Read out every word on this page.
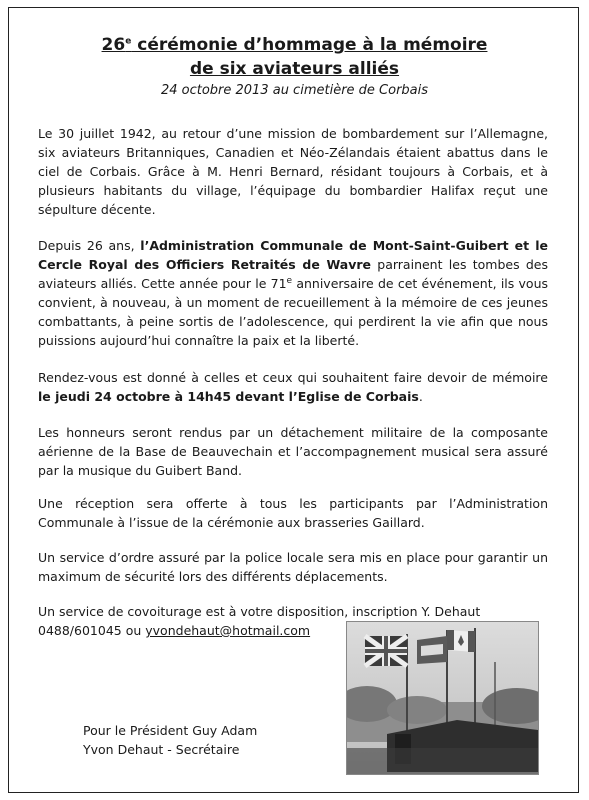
26e cérémonie d’hommage à la mémoire
de six aviateurs alliés
24 octobre 2013 au cimetière de Corbais

Le 30 juillet 1942, au retour d’une mission de bombardement sur l’Allemagne, six aviateurs Britanniques, Canadien et Néo-Zélandais étaient abattus dans le ciel de Corbais. Grâce à M. Henri Bernard, résidant toujours à Corbais, et à plusieurs habitants du village, l’équipage du bombardier Halifax reçut une sépulture décente.

Depuis 26 ans, l’Administration Communale de Mont-Saint-Guibert et le Cercle Royal des Officiers Retraités de Wavre parrainent les tombes des aviateurs alliés. Cette année pour le 71e anniversaire de cet événement, ils vous convient, à nouveau, à un moment de recueillement à la mémoire de ces jeunes combattants, à peine sortis de l’adolescence, qui perdirent la vie afin que nous puissions aujourd’hui connaître la paix et la liberté.

Rendez-vous est donné à celles et ceux qui souhaitent faire devoir de mémoire le jeudi 24 octobre à 14h45 devant l’Eglise de Corbais.

Les honneurs seront rendus par un détachement militaire de la composante aérienne de la Base de Beauvechain et l’accompagnement musical sera assuré par la musique du Guibert Band.

Une réception sera offerte à tous les participants par l’Administration Communale à l’issue de la cérémonie aux brasseries Gaillard.

Un service d’ordre assuré par la police locale sera mis en place pour garantir un maximum de sécurité lors des différents déplacements.

Un service de covoiturage est à votre disposition, inscription Y. Dehaut
0488/601045 ou yvondehaut@hotmail.com

Pour le Président Guy Adam
Yvon Dehaut - Secrétaire
